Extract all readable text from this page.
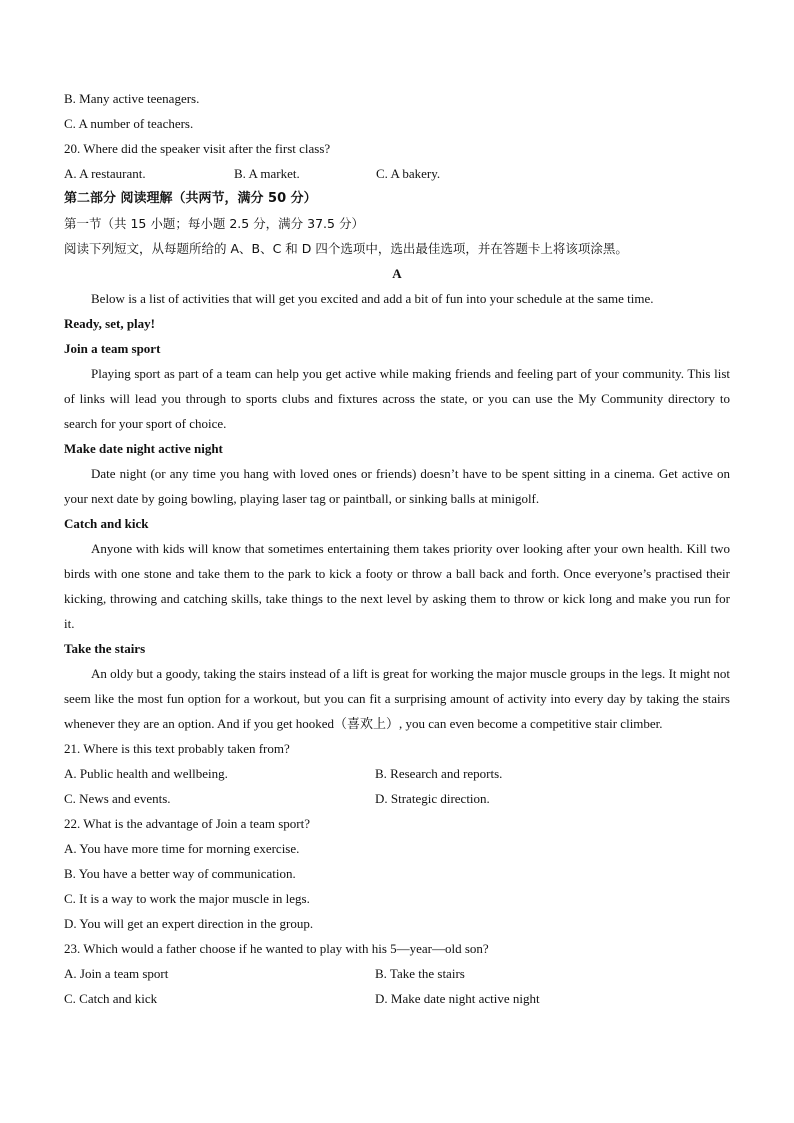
B. Many active teenagers.
C. A number of teachers.
20. Where did the speaker visit after the first class?
A. A restaurant.	B. A market.	C. A bakery.
第二部分 阅读理解（共两节，满分 50 分）
第一节（共 15 小题；每小题 2.5 分，满分 37.5 分）
阅读下列短文，从每题所给的 A、B、C 和 D 四个选项中，选出最佳选项，并在答题卡上将该项涂黑。
A
Below is a list of activities that will get you excited and add a bit of fun into your schedule at the same time.
Ready, set, play!
Join a team sport
Playing sport as part of a team can help you get active while making friends and feeling part of your community. This list of links will lead you through to sports clubs and fixtures across the state, or you can use the My Community directory to search for your sport of choice.
Make date night active night
Date night (or any time you hang with loved ones or friends) doesn’t have to be spent sitting in a cinema. Get active on your next date by going bowling, playing laser tag or paintball, or sinking balls at minigolf.
Catch and kick
Anyone with kids will know that sometimes entertaining them takes priority over looking after your own health. Kill two birds with one stone and take them to the park to kick a footy or throw a ball back and forth. Once everyone’s practised their kicking, throwing and catching skills, take things to the next level by asking them to throw or kick long and make you run for it.
Take the stairs
An oldy but a goody, taking the stairs instead of a lift is great for working the major muscle groups in the legs. It might not seem like the most fun option for a workout, but you can fit a surprising amount of activity into every day by taking the stairs whenever they are an option. And if you get hooked（喜欢上）, you can even become a competitive stair climber.
21. Where is this text probably taken from?
A. Public health and wellbeing.	B. Research and reports.
C. News and events.	D. Strategic direction.
22. What is the advantage of Join a team sport?
A. You have more time for morning exercise.
B. You have a better way of communication.
C. It is a way to work the major muscle in legs.
D. You will get an expert direction in the group.
23. Which would a father choose if he wanted to play with his 5—year—old son?
A. Join a team sport	B. Take the stairs
C. Catch and kick	D. Make date night active night
